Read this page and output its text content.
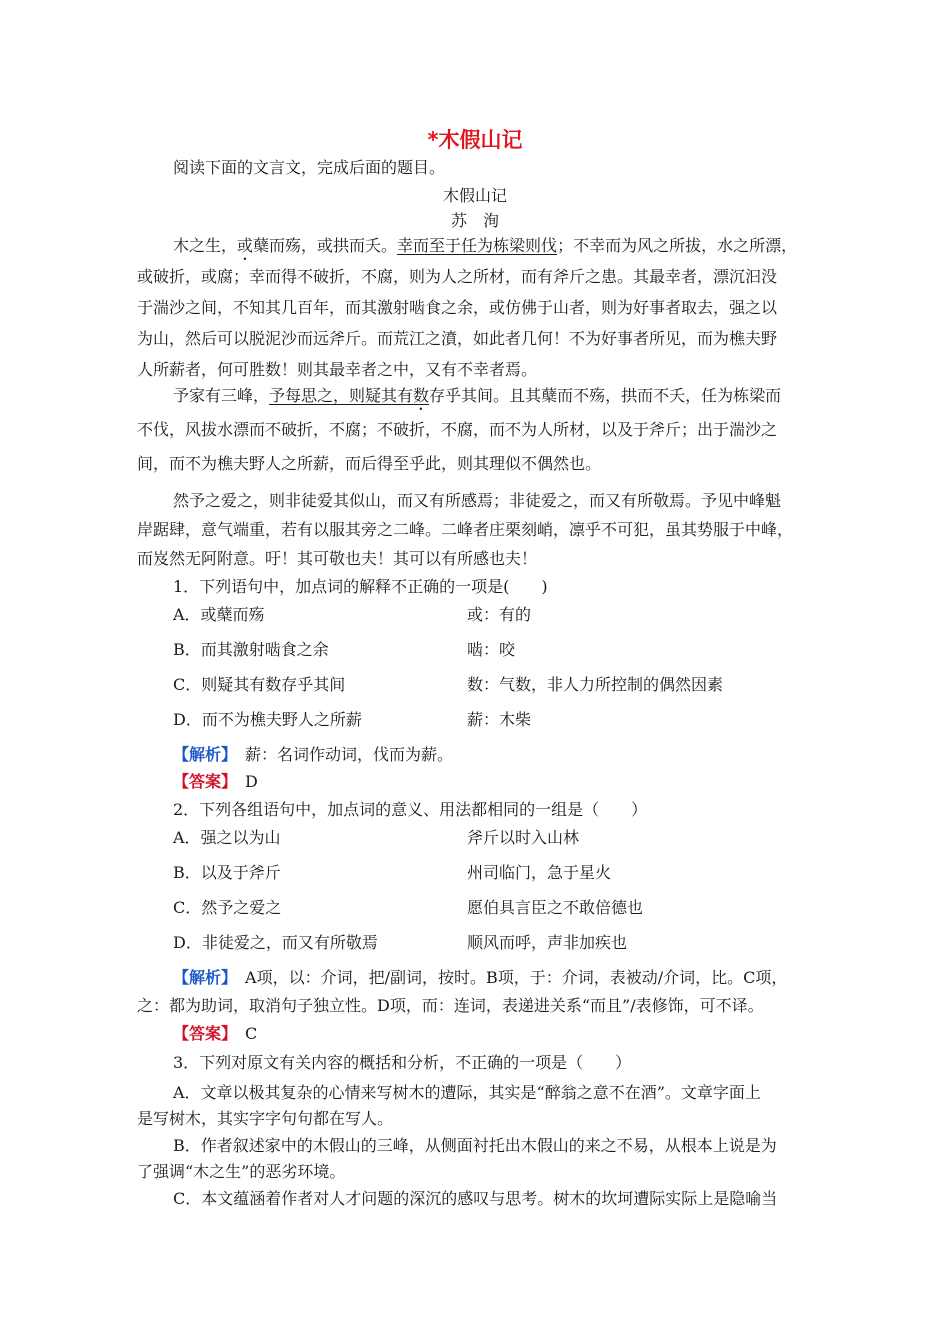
*木假山记
阅读下面的文言文，完成后面的题目。
木假山记
苏　洵
木之生，或蘖而殇，或拱而夭。幸而至于任为栋梁则伐；不幸而为风之所拔，水之所漂，
或破折，或腐；幸而得不破折，不腐，则为人之所材，而有斧斤之患。其最幸者，漂沉汩没
于湍沙之间，不知其几百年，而其激射啮食之余，或仿佛于山者，则为好事者取去，强之以
为山，然后可以脱泥沙而远斧斤。而荒江之濆，如此者几何！不为好事者所见，而为樵夫野
人所薪者，何可胜数！则其最幸者之中，又有不幸者焉。
予家有三峰，予每思之，则疑其有数存乎其间。且其蘖而不殇，拱而不夭，任为栋梁而
不伐，风拔水漂而不破折，不腐；不破折，不腐，而不为人所材，以及于斧斤；出于湍沙之
间，而不为樵夫野人之所薪，而后得至乎此，则其理似不偶然也。
然予之爱之，则非徒爱其似山，而又有所感焉；非徒爱之，而又有所敬焉。予见中峰魁
岸踞肆，意气端重，若有以服其旁之二峰。二峰者庄栗刻峭，凛乎不可犯，虽其势服于中峰，
而岌然无阿附意。吁！其可敬也夫！其可以有所感也夫！
1．下列语句中，加点词的解释不正确的一项是(　　)
A．或蘖而殇	或：有的
B．而其激射啮食之余	啮：咬
C．则疑其有数存乎其间	数：气数，非人力所控制的偶然因素
D．而不为樵夫野人之所薪	薪：木柴
【解析】　薪：名词作动词，伐而为薪。
【答案】　D
2．下列各组语句中，加点词的意义、用法都相同的一组是（　　）
A．强之以为山	斧斤以时入山林
B．以及于斧斤	州司临门，急于星火
C．然予之爱之	愿伯具言臣之不敢倍德也
D．非徒爱之，而又有所敬焉	顺风而呼，声非加疾也
【解析】　A项，以：介词，把/副词，按时。B项，于：介词，表被动/介词，比。C项，
之：都为助词，取消句子独立性。D项，而：连词，表递进关系“而且”/表修饰，可不译。
【答案】　C
3．下列对原文有关内容的概括和分析，不正确的一项是（　　）
A．文章以极其复杂的心情来写树木的遭际，其实是“醉翁之意不在酒”。文章字面上
是写树木，其实字字句句都在写人。
B．作者叙述家中的木假山的三峰，从侧面衬托出木假山的来之不易，从根本上说是为
了强调“木之生”的恶劣环境。
C．本文蕴涵着作者对人才问题的深沉的感叹与思考。树木的坎坷遭际实际上是隐喻当
